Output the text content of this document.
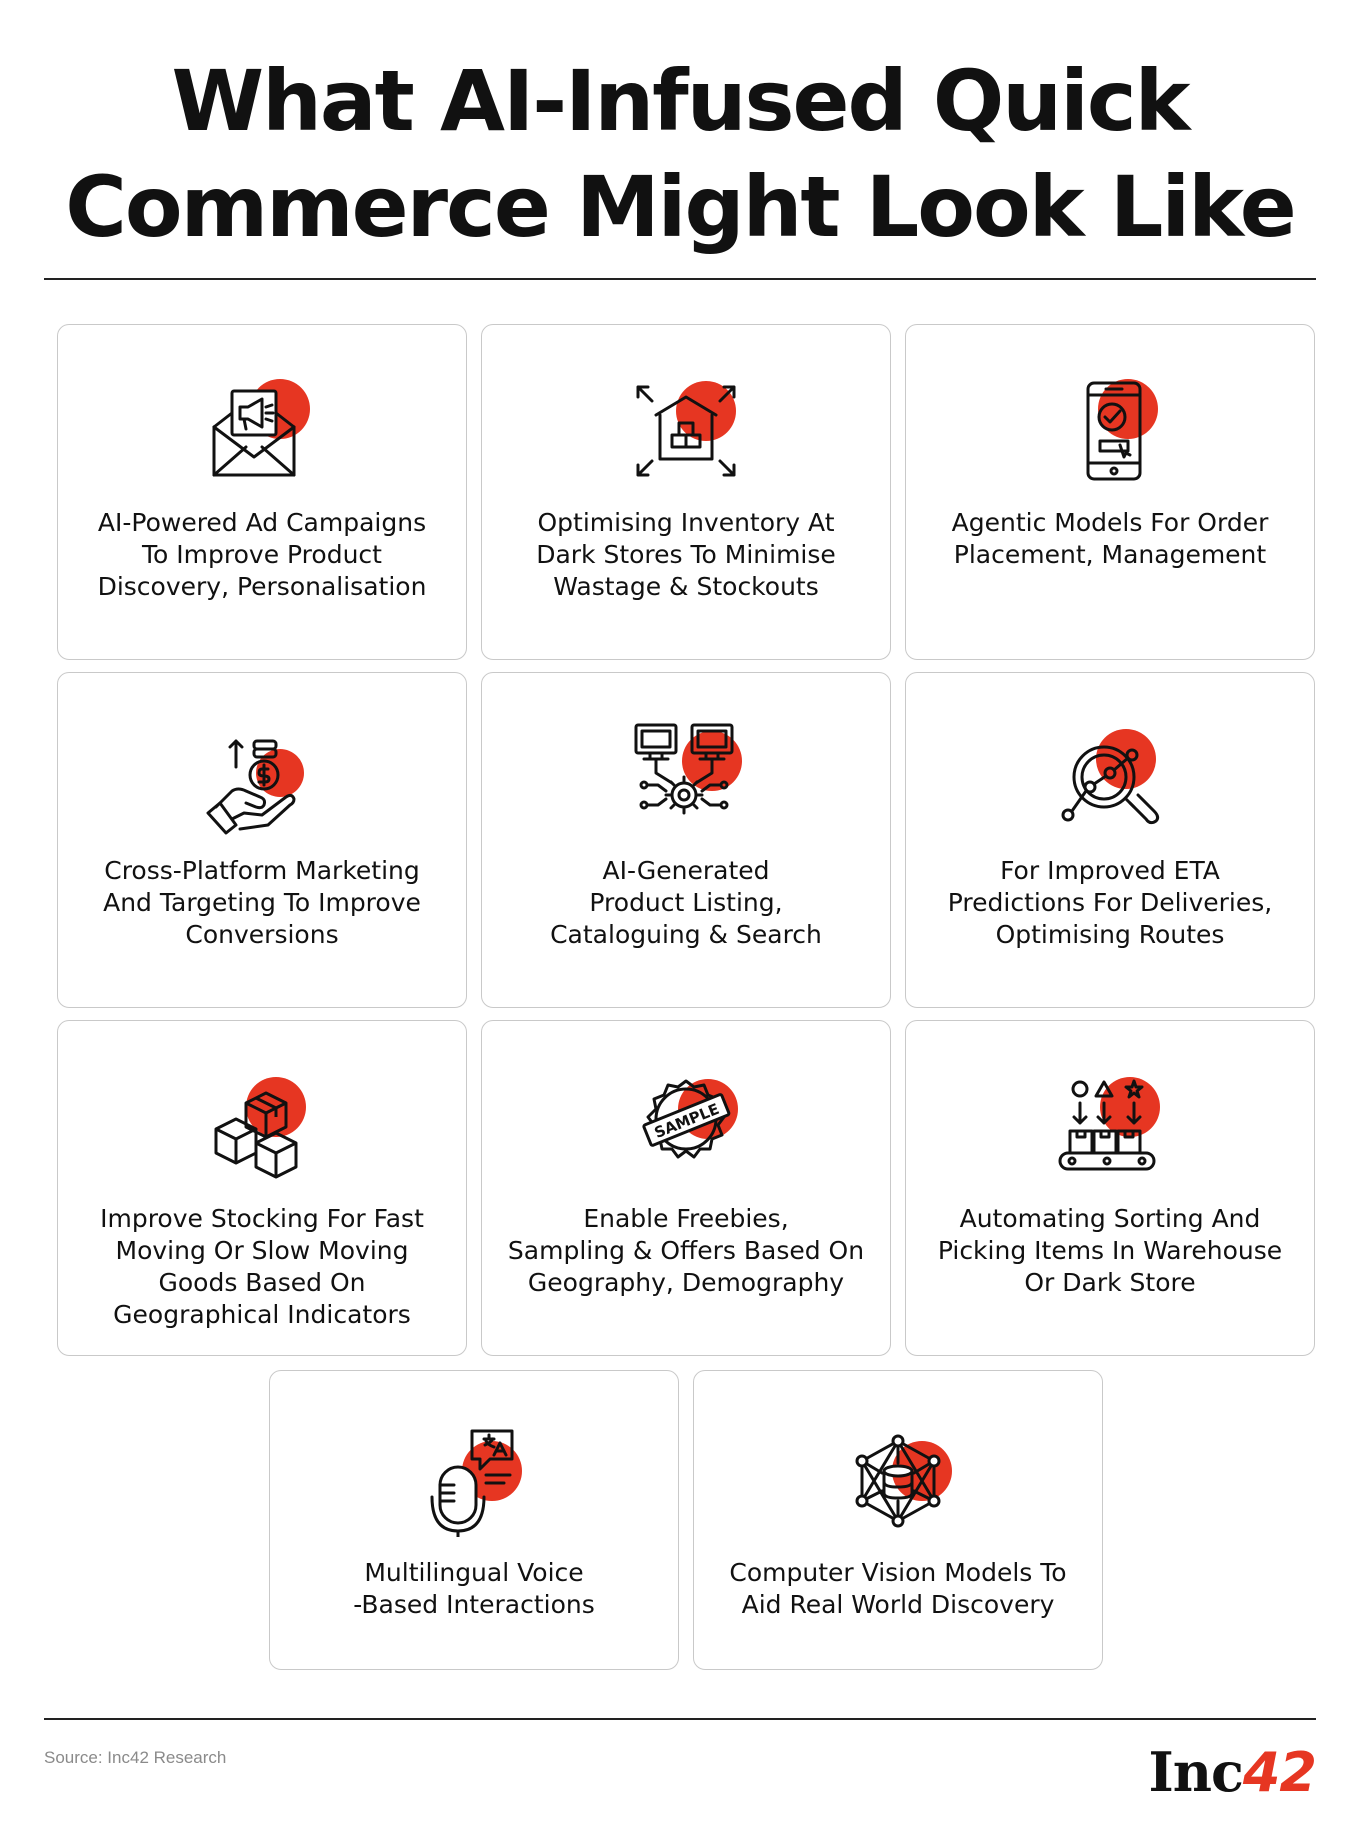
What AI-Infused Quick
Commerce Might Look Like
AI-Powered Ad Campaigns
To Improve Product
Discovery, Personalisation
Optimising Inventory At
Dark Stores To Minimise
Wastage & Stockouts
Agentic Models For Order
Placement, Management
Cross-Platform Marketing
And Targeting To Improve
Conversions
AI-Generated
Product Listing,
Cataloguing & Search
For Improved ETA
Predictions For Deliveries,
Optimising Routes
Improve Stocking For Fast
Moving Or Slow Moving
Goods Based On
Geographical Indicators
SAMPLE
Enable Freebies,
Sampling & Offers Based On
Geography, Demography
Automating Sorting And
Picking Items In Warehouse
Or Dark Store
Multilingual Voice
-Based Interactions
Computer Vision Models To
Aid Real World Discovery
Source: Inc42 Research	Inc42
